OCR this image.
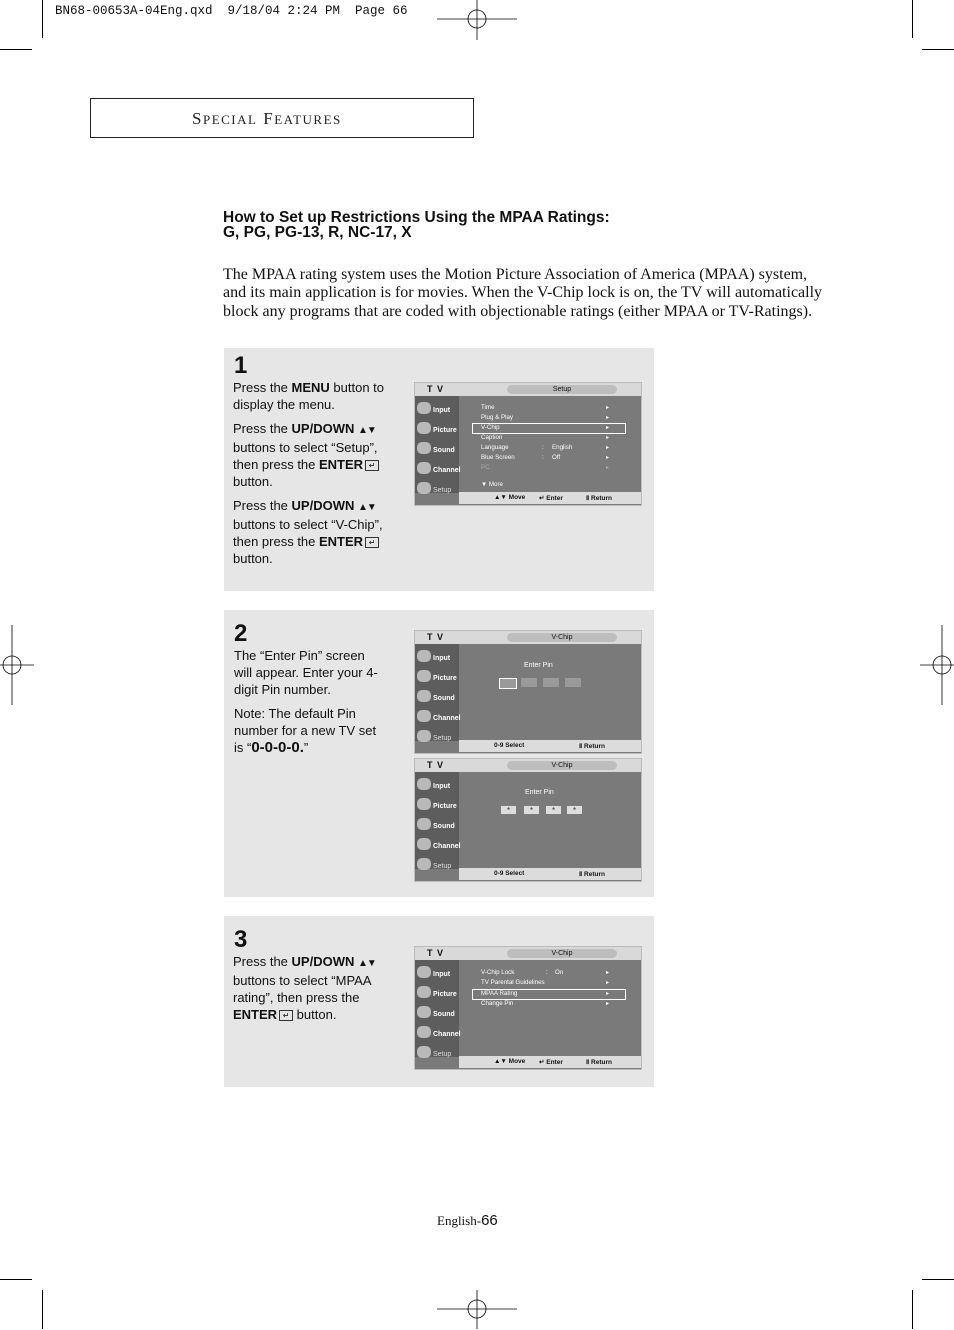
BN68-00653A-04Eng.qxd  9/18/04 2:24 PM  Page 66
SPECIAL FEATURES
How to Set up Restrictions Using the MPAA Ratings:
G, PG, PG-13, R, NC-17, X
The MPAA rating system uses the Motion Picture Association of America (MPAA) system, and its main application is for movies. When the V-Chip lock is on, the TV will automatically block any programs that are coded with objectionable ratings (either MPAA or TV-Ratings).
1

Press the MENU button to display the menu.

Press the UP/DOWN ▲▼ buttons to select “Setup”, then press the ENTER ↵ button.

Press the UP/DOWN ▲▼ buttons to select “V-Chip”, then press the ENTER ↵ button.

T V	Setup
Input
Picture
Sound
Channel
Setup
Time	▸
Plug & Play	▸
V-Chip	▸
Caption	▸
Language	: English	▸
Blue Screen	: Off	▸
PC	▸
▼ More
▲▼ Move ↵ Enter	Ⅱ Return
2

The “Enter Pin” screen will appear. Enter your 4-digit Pin number.

Note: The default Pin number for a new TV set is “0-0-0-0.”

T V	V-Chip
Input
Picture
Sound
Channel
Setup
Enter Pin
0-9 Select	Ⅱ Return
T V	V-Chip
Input
Picture
Sound
Channel
Setup
Enter Pin
*	*	*	*
0-9 Select	Ⅱ Return
3

Press the UP/DOWN ▲▼ buttons to select “MPAA rating”, then press the ENTER ↵ button.

T V	V-Chip
Input
Picture
Sound
Channel
Setup
V-Chip Lock	: On	▸
TV Parental Guidelines	▸
MPAA Rating	▸
Change Pin	▸
▲▼ Move ↵ Enter	Ⅱ Return
English-66
